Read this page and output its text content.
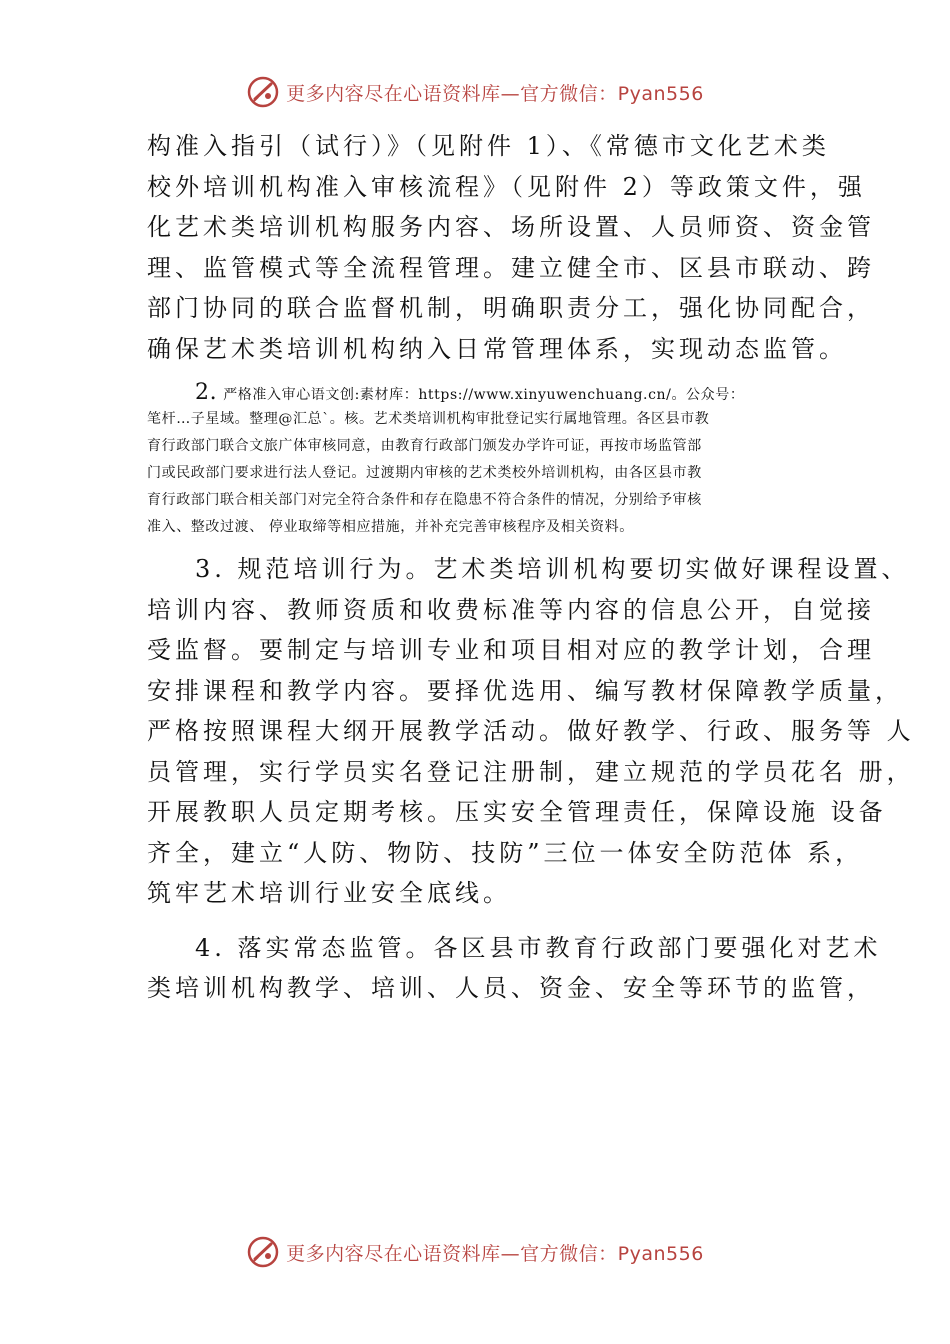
更多内容尽在心语资料库—官方微信：Pyan556
构准入指引（试行）》（见附件 1）、《常德市文化艺术类
校外培训机构准入审核流程》（见附件 2）等政策文件，强
化艺术类培训机构服务内容、场所设置、人员师资、资金管
理、监管模式等全流程管理。建立健全市、区县市联动、跨
部门协同的联合监督机制，明确职责分工，强化协同配合，
确保艺术类培训机构纳入日常管理体系，实现动态监管。
2. 严格准入审心语文创:素材库：https://www.xinyuwenchuang.cn/。公众号：
笔杆…子星域。整理@汇总`。核。艺术类培训机构审批登记实行属地管理。各区县市教
育行政部门联合文旅广体审核同意，由教育行政部门颁发办学许可证，再按市场监管部
门或民政部门要求进行法人登记。过渡期内审核的艺术类校外培训机构，由各区县市教
育行政部门联合相关部门对完全符合条件和存在隐患不符合条件的情况，分别给予审核
准入、整改过渡、 停业取缔等相应措施，并补充完善审核程序及相关资料。
3. 规范培训行为。艺术类培训机构要切实做好课程设置、
培训内容、教师资质和收费标准等内容的信息公开，自觉接
受监督。要制定与培训专业和项目相对应的教学计划，合理
安排课程和教学内容。要择优选用、编写教材保障教学质量，
严格按照课程大纲开展教学活动。做好教学、行政、服务等 人
员管理，实行学员实名登记注册制，建立规范的学员花名 册，
开展教职人员定期考核。压实安全管理责任，保障设施 设备
齐全，建立“人防、物防、技防”三位一体安全防范体 系，
筑牢艺术培训行业安全底线。
4. 落实常态监管。各区县市教育行政部门要强化对艺术
类培训机构教学、培训、人员、资金、安全等环节的监管，
更多内容尽在心语资料库—官方微信：Pyan556
